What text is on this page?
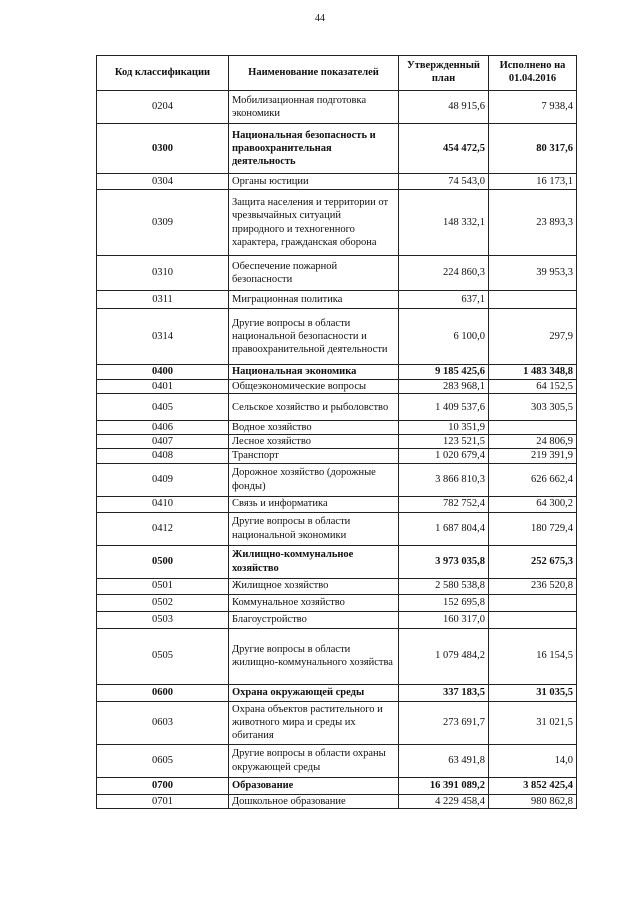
44
Код классификации	Наименование показателей	Утвержденный план	Исполнено на 01.04.2016
0204	Мобилизационная подготовка экономики	48 915,6	7 938,4
0300	Национальная безопасность и правоохранительная деятельность	454 472,5	80 317,6
0304	Органы юстиции	74 543,0	16 173,1
0309	Защита населения и территории от чрезвычайных ситуаций природного и техногенного характера, гражданская оборона	148 332,1	23 893,3
0310	Обеспечение пожарной безопасности	224 860,3	39 953,3
0311	Миграционная политика	637,1	
0314	Другие вопросы в области национальной безопасности и правоохранительной деятельности	6 100,0	297,9
0400	Национальная экономика	9 185 425,6	1 483 348,8
0401	Общеэкономические вопросы	283 968,1	64 152,5
0405	Сельское хозяйство и рыболовство	1 409 537,6	303 305,5
0406	Водное хозяйство	10 351,9	
0407	Лесное хозяйство	123 521,5	24 806,9
0408	Транспорт	1 020 679,4	219 391,9
0409	Дорожное хозяйство (дорожные фонды)	3 866 810,3	626 662,4
0410	Связь и информатика	782 752,4	64 300,2
0412	Другие вопросы в области национальной экономики	1 687 804,4	180 729,4
0500	Жилищно-коммунальное хозяйство	3 973 035,8	252 675,3
0501	Жилищное хозяйство	2 580 538,8	236 520,8
0502	Коммунальное хозяйство	152 695,8	
0503	Благоустройство	160 317,0	
0505	Другие вопросы в области жилищно-коммунального хозяйства	1 079 484,2	16 154,5
0600	Охрана окружающей среды	337 183,5	31 035,5
0603	Охрана объектов растительного и животного мира и среды их обитания	273 691,7	31 021,5
0605	Другие вопросы в области охраны окружающей среды	63 491,8	14,0
0700	Образование	16 391 089,2	3 852 425,4
0701	Дошкольное образование	4 229 458,4	980 862,8
